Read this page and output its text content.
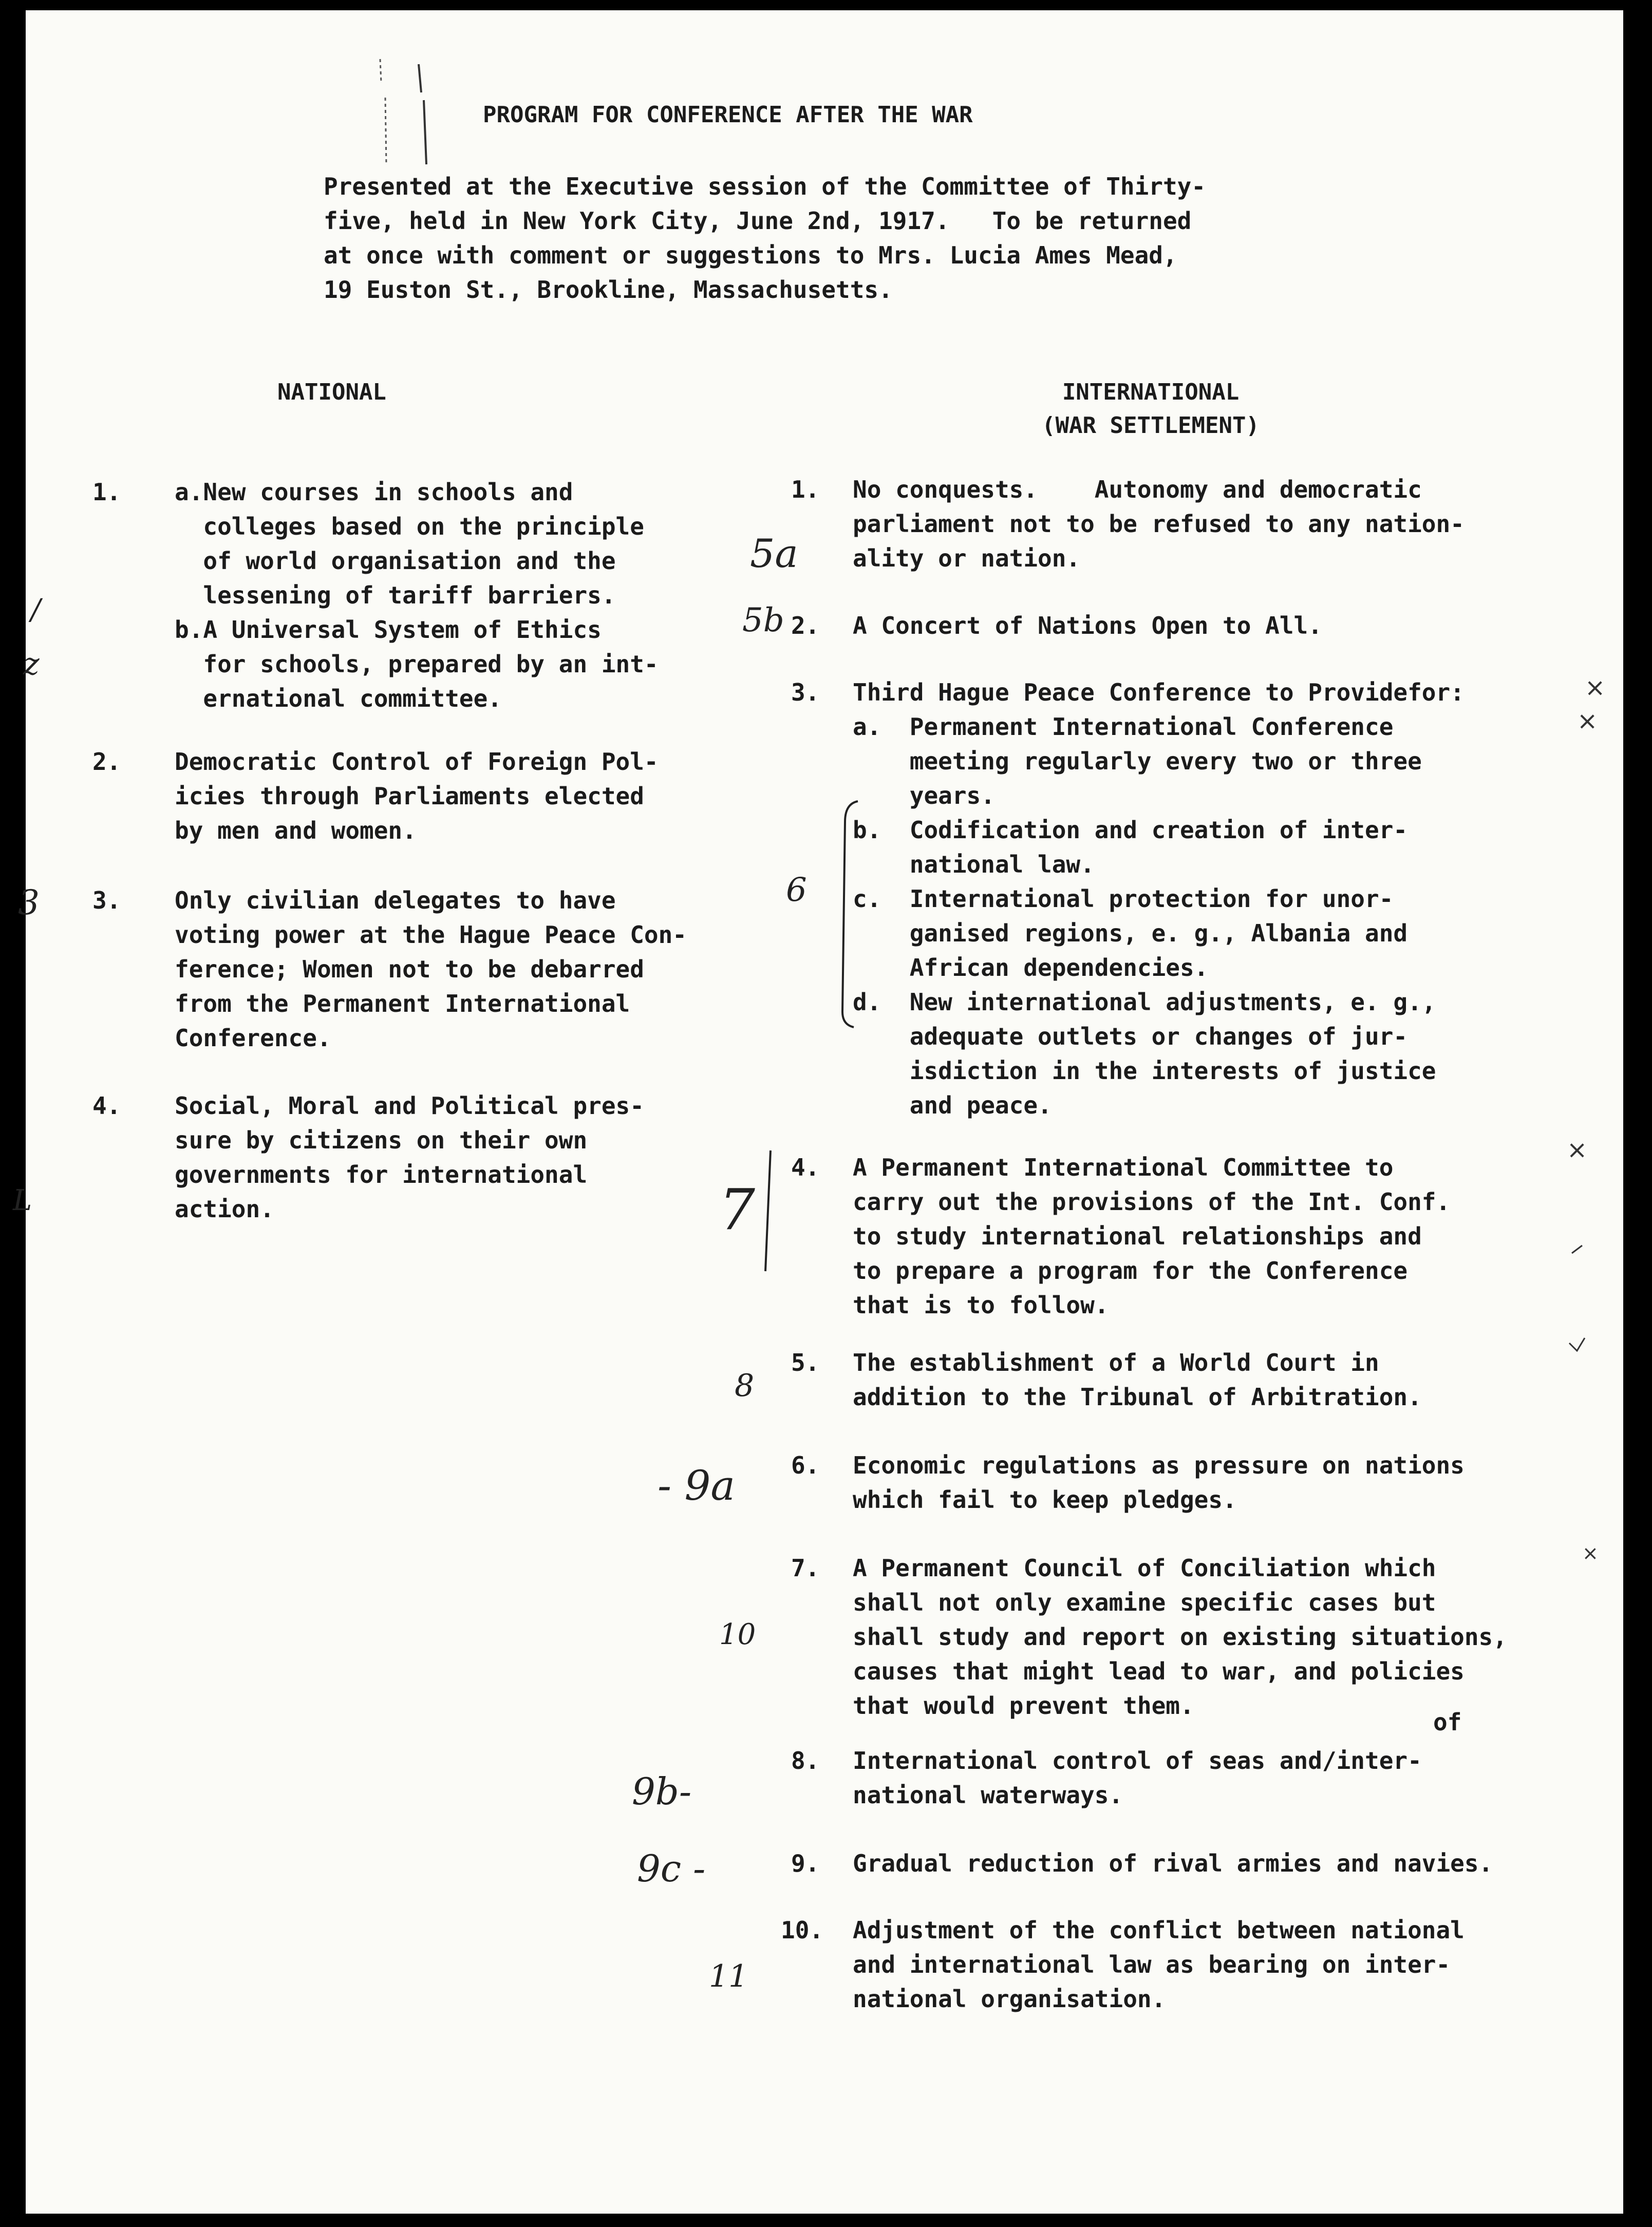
PROGRAM FOR CONFERENCE AFTER THE WAR
Presented at the Executive session of the Committee of Thirty-
five, held in New York City, June 2nd, 1917.   To be returned
at once with comment or suggestions to Mrs. Lucia Ames Mead,
19 Euston St., Brookline, Massachusetts.
NATIONAL
1.	a.New courses in schools and
colleges based on the principle
of world organisation and the
lessening of tariff barriers.
b.A Universal System of Ethics
for schools, prepared by an int-
ernational committee.
2.	Democratic Control of Foreign Pol-
icies through Parliaments elected
by men and women.
3.	Only civilian delegates to have
voting power at the Hague Peace Con-
ference; Women not to be debarred
from the Permanent International
Conference.
4.	Social, Moral and Political pres-
sure by citizens on their own
governments for international
action.
INTERNATIONAL
(WAR SETTLEMENT)
1.	No conquests.    Autonomy and democratic
parliament not to be refused to any nation-
ality or nation.
2.	A Concert of Nations Open to All.
3.	Third Hague Peace Conference to Providefor:
a.  Permanent International Conference
meeting regularly every two or three
years.
b.  Codification and creation of inter-
national law.
c.  International protection for unor-
ganised regions, e. g., Albania and
African dependencies.
d.  New international adjustments, e. g.,
adequate outlets or changes of jur-
isdiction in the interests of justice
and peace.
4.	A Permanent International Committee to
carry out the provisions of the Int. Conf.
to study international relationships and
to prepare a program for the Conference
that is to follow.
5.	The establishment of a World Court in
addition to the Tribunal of Arbitration.
6.	Economic regulations as pressure on nations
which fail to keep pledges.
7.	A Permanent Council of Conciliation which
shall not only examine specific cases but
shall study and report on existing situations,
causes that might lead to war, and policies
that would prevent them.
of
8.	International control of seas and/inter-
national waterways.
9.	Gradual reduction of rival armies and navies.
10.	Adjustment of the conflict between national
and international law as bearing on inter-
national organisation.
5a
5b
6
7
8
- 9a
10
9b-
9c -
11
/
z
3
L
×
×
×
×
